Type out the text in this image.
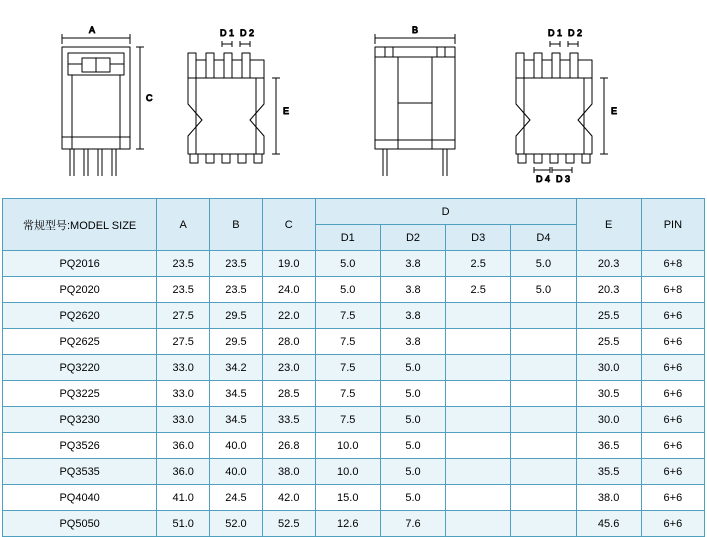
A
C
D 1 D 2
E
B	D 1 D 2
D 4 D 3
E
常规型号:MODEL SIZE	A	B	C	D				E	PIN
				D1	D2	D3	D4		
PQ2016	23.5	23.5	19.0	5.0	3.8	2.5	5.0	20.3	6+8
PQ2020	23.5	23.5	24.0	5.0	3.8	2.5	5.0	20.3	6+8
PQ2620	27.5	29.5	22.0	7.5	3.8			25.5	6+6
PQ2625	27.5	29.5	28.0	7.5	3.8			25.5	6+6
PQ3220	33.0	34.2	23.0	7.5	5.0			30.0	6+6
PQ3225	33.0	34.5	28.5	7.5	5.0			30.5	6+6
PQ3230	33.0	34.5	33.5	7.5	5.0			30.0	6+6
PQ3526	36.0	40.0	26.8	10.0	5.0			36.5	6+6
PQ3535	36.0	40.0	38.0	10.0	5.0			35.5	6+6
PQ4040	41.0	24.5	42.0	15.0	5.0			38.0	6+6
PQ5050	51.0	52.0	52.5	12.6	7.6			45.6	6+6
